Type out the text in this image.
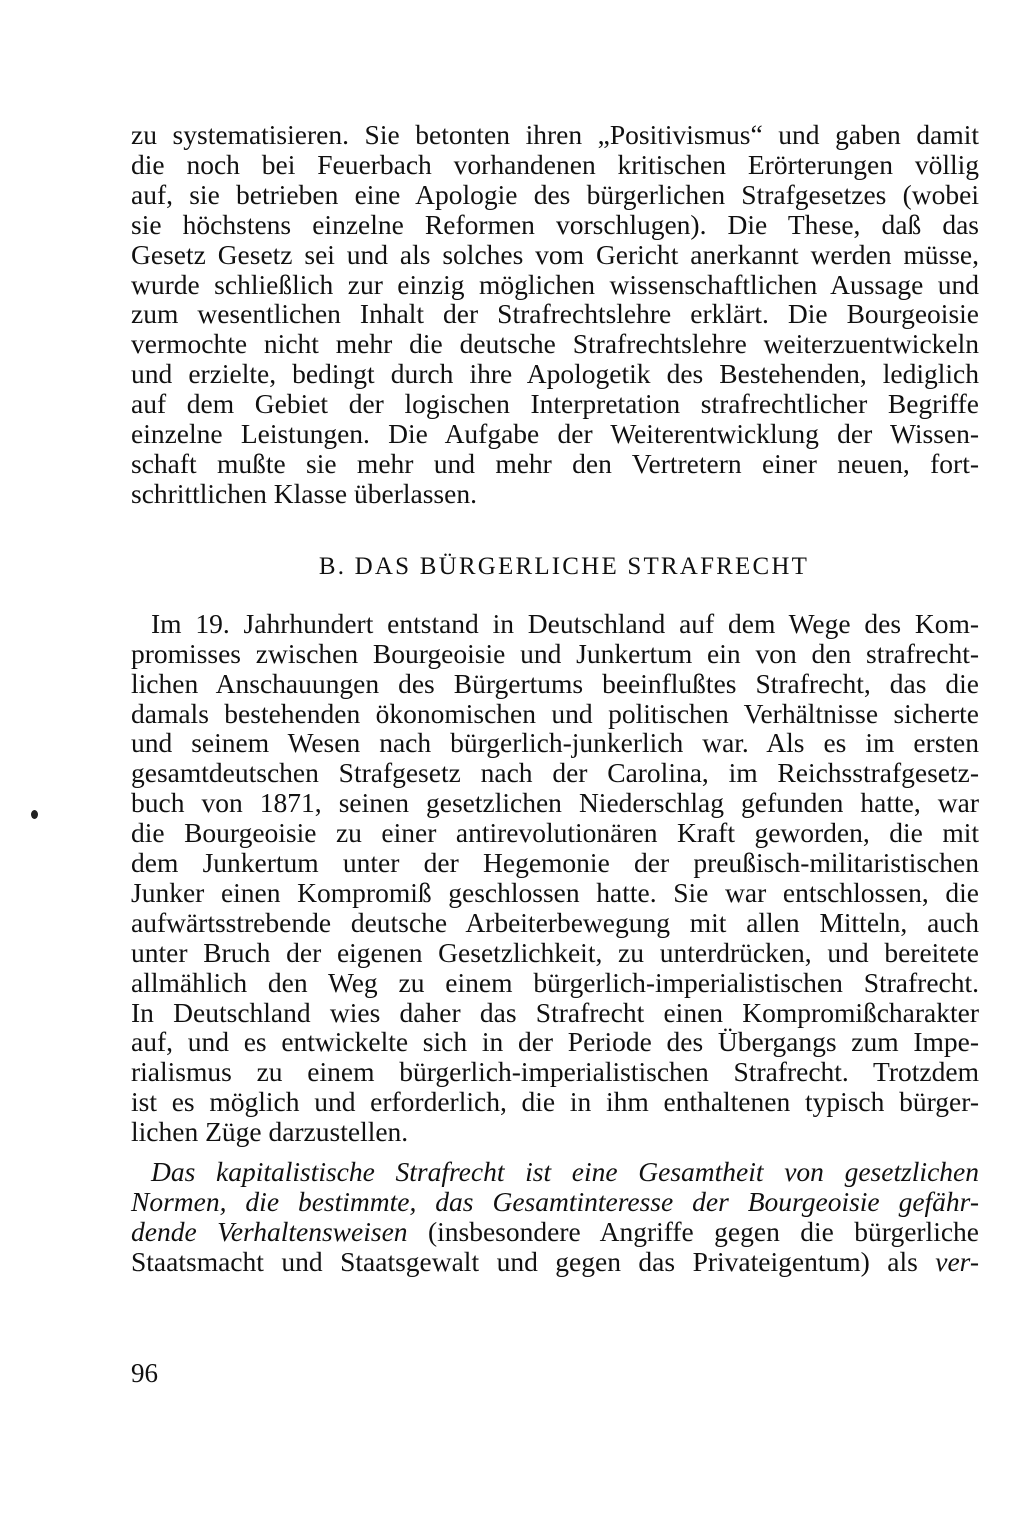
zu systematisieren. Sie betonten ihren „Positivismus“ und gaben damit
die noch bei Feuerbach vorhandenen kritischen Erörterungen völlig
auf, sie betrieben eine Apologie des bürgerlichen Strafgesetzes (wobei
sie höchstens einzelne Reformen vorschlugen). Die These, daß das
Gesetz Gesetz sei und als solches vom Gericht anerkannt werden müsse,
wurde schließlich zur einzig möglichen wissenschaftlichen Aussage und
zum wesentlichen Inhalt der Strafrechtslehre erklärt. Die Bourgeoisie
vermochte nicht mehr die deutsche Strafrechtslehre weiterzuentwickeln
und erzielte, bedingt durch ihre Apologetik des Bestehenden, lediglich
auf dem Gebiet der logischen Interpretation strafrechtlicher Begriffe
einzelne Leistungen. Die Aufgabe der Weiterentwicklung der Wissen-
schaft mußte sie mehr und mehr den Vertretern einer neuen, fort-
schrittlichen Klasse überlassen.
B. DAS BÜRGERLICHE STRAFRECHT
Im 19. Jahrhundert entstand in Deutschland auf dem Wege des Kom-
promisses zwischen Bourgeoisie und Junkertum ein von den strafrecht-
lichen Anschauungen des Bürgertums beeinflußtes Strafrecht, das die
damals bestehenden ökonomischen und politischen Verhältnisse sicherte
und seinem Wesen nach bürgerlich-junkerlich war. Als es im ersten
gesamtdeutschen Strafgesetz nach der Carolina, im Reichsstrafgesetz-
buch von 1871, seinen gesetzlichen Niederschlag gefunden hatte, war
die Bourgeoisie zu einer antirevolutionären Kraft geworden, die mit
dem Junkertum unter der Hegemonie der preußisch-militaristischen
Junker einen Kompromiß geschlossen hatte. Sie war entschlossen, die
aufwärtsstrebende deutsche Arbeiterbewegung mit allen Mitteln, auch
unter Bruch der eigenen Gesetzlichkeit, zu unterdrücken, und bereitete
allmählich den Weg zu einem bürgerlich-imperialistischen Strafrecht.
In Deutschland wies daher das Strafrecht einen Kompromißcharakter
auf, und es entwickelte sich in der Periode des Übergangs zum Impe-
rialismus zu einem bürgerlich-imperialistischen Strafrecht. Trotzdem
ist es möglich und erforderlich, die in ihm enthaltenen typisch bürger-
lichen Züge darzustellen.
Das kapitalistische Strafrecht ist eine Gesamtheit von gesetzlichen
Normen, die bestimmte, das Gesamtinteresse der Bourgeoisie gefähr-
dende Verhaltensweisen (insbesondere Angriffe gegen die bürgerliche
Staatsmacht und Staatsgewalt und gegen das Privateigentum) als ver-
96
